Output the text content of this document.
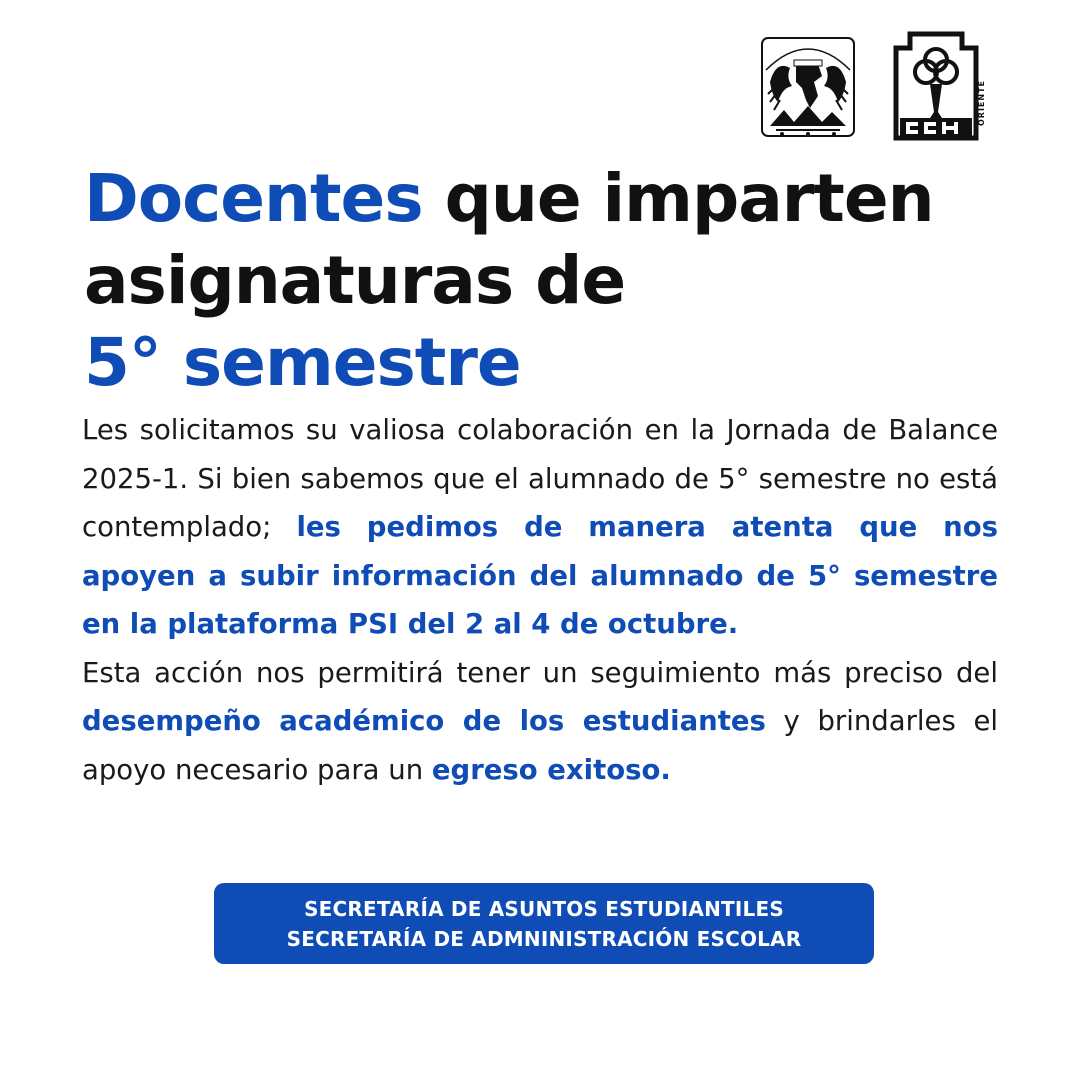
ORIENTE
Docentes que imparten
asignaturas de
5° semestre

Les solicitamos su valiosa colaboración en la Jornada de Balance 2025-1. Si bien sabemos que el alumnado de 5° semestre no está contemplado; les pedimos de manera atenta que nos apoyen a subir información del alumnado de 5° semestre en la plataforma PSI del 2 al 4 de octubre.

Esta acción nos permitirá tener un seguimiento más preciso del desempeño académico de los estudiantes y brindarles el apoyo necesario para un egreso exitoso.

SECRETARÍA DE ASUNTOS ESTUDIANTILES
SECRETARÍA DE ADMNINISTRACIÓN ESCOLAR
